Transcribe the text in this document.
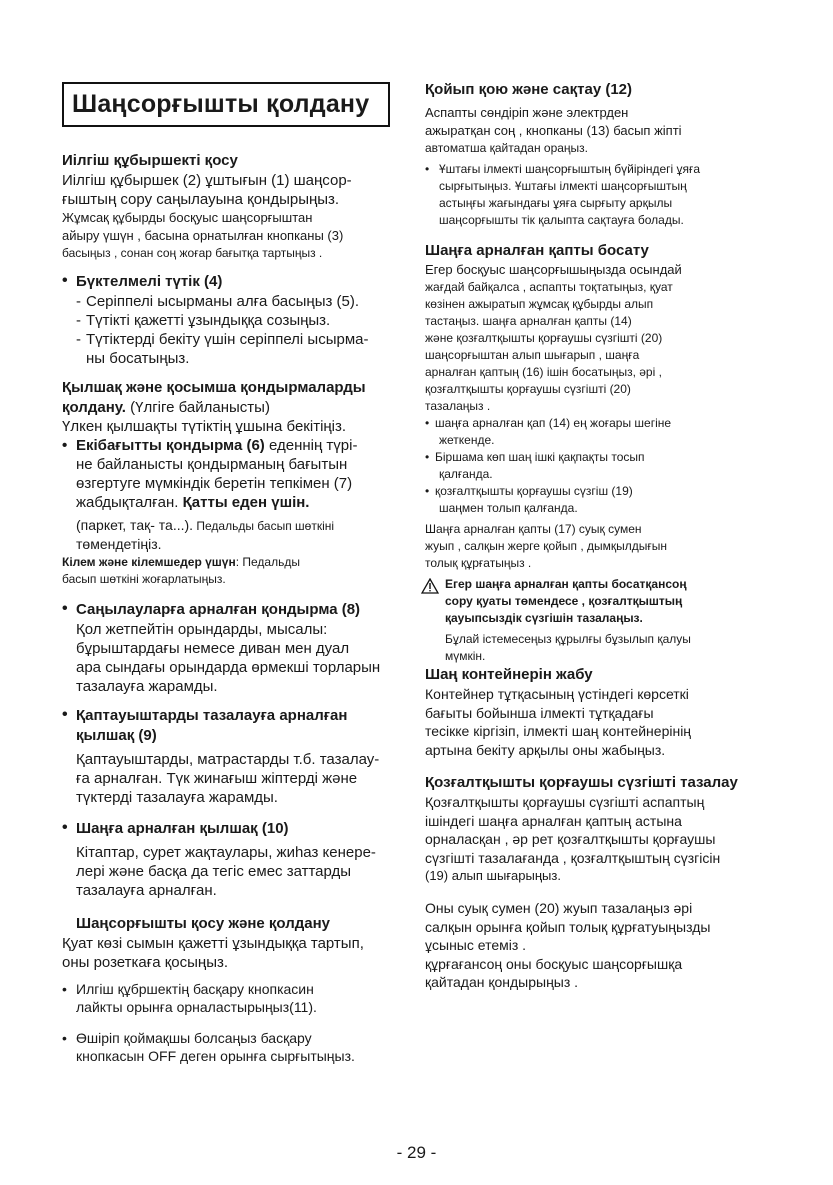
Шаңсорғышты қолдану
Иілгіш құбыршекті қосу

Иілгіш құбыршек (2) ұштығын (1) шаңсор-

ғыштың сору саңылауына қондырыңыз.

Жұмсақ құбырды босқуыс шаңсорғыштан

айыру үшүн , басына орнатылған кнопканы (3)

басыңыз , сонан соң жоғар бағытқа тартыңыз .

• Бүктелмелі түтік (4)

- Серіппелі ысырманы алға басыңыз (5).

- Түтікті қажетті ұзындыққа созыңыз.

- Түтіктерді бекіту үшін серіппелі ысырма-

ны босатыңыз.

Қылшақ және қосымша қондырмаларды

қолдану. (Үлгіге байланысты)

Үлкен қылшақты түтіктің ұшына бекітіңіз.

• Екібағытты қондырма (6) еденнің түрі-

не байланысты қондырманың бағытын

өзгертуге мүмкіндік беретін тепкімен (7)

жабдықталған. Қатты еден үшін.

(паркет, тақ- та...). Педальды басып шөткіні

төмендетіңіз.

Кілем және кілемшедер үшүн: Педальды

басып шөткіні жоғарлатыңыз.

• Саңылауларға арналған қондырма (8)

Қол жетпейтін орындарды, мысалы:

бұрыштардағы немесе диван мен дуал

ара сындағы орындарда өрмекші торларын

тазалауға жарамды.

• Қаптауыштарды тазалауға арналған
қылшақ (9)

Қаптауыштарды, матрастарды т.б. тазалау-

ға арналған. Түк жинағыш жіптерді және

түктерді тазалауға жарамды.

• Шаңға арналған қылшақ (10)

Кітаптар, сурет жақтаулары, жиһаз кенере-

лері және басқа да тегіс емес заттарды

тазалауға арналған.

Шаңсорғышты қосу және қолдану

Қуат көзі сымын қажетті ұзындыққа тартып,

оны розеткаға қосыңыз.

• Илгіш құбршектің басқару кнопкасин

лайкты орынға орналастырыңыз(11).

• Өшіріп қоймақшы болсаңыз басқару

кнопкасын OFF деген орынға сырғытыңыз.

Қойып қою және сақтау (12)

Аспапты сөндіріп және электрден

ажыратқан соң , кнопканы (13) басып жіпті

автоматша қайтадан ораңыз.

• Ұштағы ілмекті шаңсорғыштың бүйіріндегі ұяға

сырғытыңыз. Ұштағы ілмекті шаңсорғыштың

астыңғы жағындағы ұяға сырғыту арқылы

шаңсорғышты тік қалыпта сақтауға болады.

Шаңға арналған қапты босату

Егер босқуыс шаңсорғышыңызда осындай

жағдай байқалса , аспапты тоқтатыңыз, қуат

көзінен ажыратып жұмсақ құбырды алып

тастаңыз. шаңға арналған қапты (14)

және қозғалтқышты қорғаушы сүзгішті (20)

шаңсорғыштан алып шығарып , шаңға

арналған қаптың (16) ішін босатыңыз, әрі ,

қозғалтқышты қорғаушы сүзгішті (20)

тазалаңыз .

• шаңға арналған қап (14) ең жоғары шегіне

жеткенде.

• Біршама көп шаң ішкі қақпақты тосып

қалғанда.

• қозғалтқышты қорғаушы сүзгіш (19)

шаңмен толып қалғанда.

Шаңға арналған қапты (17) суық сумен

жуып , салқын жерге қойып , дымқылдығын

толық құрғатыңыз .

Егер шаңға арналған қапты босатқансоң

сору қуаты төмендесе , қозғалтқыштың

қауыпсыздік сүзгішін тазалаңыз.

Бұлай істемесеңыз құрылғы бұзылып қалуы

мүмкін.

Шаң контейнерін жабу

Контейнер тұтқасының үстіндегі көрсеткі

бағыты бойынша ілмекті тұтқадағы

тесікке кіргізіп, ілмекті шаң контейнерінің

артына бекіту арқылы оны жабыңыз.

Қозғалтқышты қорғаушы сүзгішті тазалау

Қозғалтқышты қорғаушы сүзгішті аспаптың

ішіндегі шаңға арналған қаптың астына

орналасқан , әр рет қозғалтқышты қорғаушы

сүзгішті тазалағанда , қозғалтқыштың сүзгісін

(19) алып шығарыңыз.

Оны суық сумен (20) жуып тазалаңыз әрі

салқын орынға қойып толық құрғатуыңызды

ұсыныс етеміз .

құрғағансоң оны босқуыс шаңсорғышқа

қайтадан қондырыңыз .

- 29 -
